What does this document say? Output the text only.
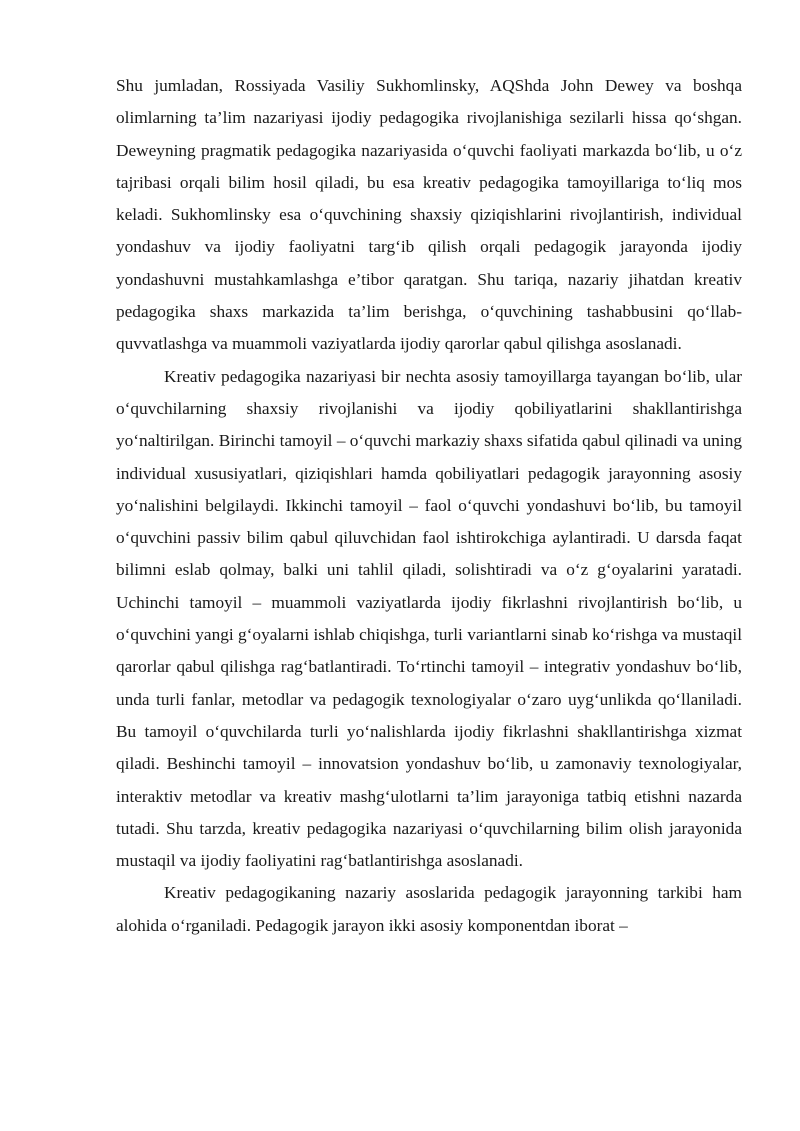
Shu jumladan, Rossiyada Vasiliy Sukhomlinsky, AQShda John Dewey va boshqa olimlarning ta’lim nazariyasi ijodiy pedagogika rivojlanishiga sezilarli hissa qo‘shgan. Deweyning pragmatik pedagogika nazariyasida o‘quvchi faoliyati markazda bo‘lib, u o‘z tajribasi orqali bilim hosil qiladi, bu esa kreativ pedagogika tamoyillariga to‘liq mos keladi. Sukhomlinsky esa o‘quvchining shaxsiy qiziqishlarini rivojlantirish, individual yondashuv va ijodiy faoliyatni targ‘ib qilish orqali pedagogik jarayonda ijodiy yondashuvni mustahkamlashga e’tibor qaratgan. Shu tariqa, nazariy jihatdan kreativ pedagogika shaxs markazida ta’lim berishga, o‘quvchining tashabbusini qo‘llab-quvvatlashga va muammoli vaziyatlarda ijodiy qarorlar qabul qilishga asoslanadi.

Kreativ pedagogika nazariyasi bir nechta asosiy tamoyillarga tayangan bo‘lib, ular o‘quvchilarning shaxsiy rivojlanishi va ijodiy qobiliyatlarini shakllantirishga yo‘naltirilgan. Birinchi tamoyil – o‘quvchi markaziy shaxs sifatida qabul qilinadi va uning individual xususiyatlari, qiziqishlari hamda qobiliyatlari pedagogik jarayonning asosiy yo‘nalishini belgilaydi. Ikkinchi tamoyil – faol o‘quvchi yondashuvi bo‘lib, bu tamoyil o‘quvchini passiv bilim qabul qiluvchidan faol ishtirokchiga aylantiradi. U darsda faqat bilimni eslab qolmay, balki uni tahlil qiladi, solishtiradi va o‘z g‘oyalarini yaratadi. Uchinchi tamoyil – muammoli vaziyatlarda ijodiy fikrlashni rivojlantirish bo‘lib, u o‘quvchini yangi g‘oyalarni ishlab chiqishga, turli variantlarni sinab ko‘rishga va mustaqil qarorlar qabul qilishga rag‘batlantiradi. To‘rtinchi tamoyil – integrativ yondashuv bo‘lib, unda turli fanlar, metodlar va pedagogik texnologiyalar o‘zaro uyg‘unlikda qo‘llaniladi. Bu tamoyil o‘quvchilarda turli yo‘nalishlarda ijodiy fikrlashni shakllantirishga xizmat qiladi. Beshinchi tamoyil – innovatsion yondashuv bo‘lib, u zamonaviy texnologiyalar, interaktiv metodlar va kreativ mashg‘ulotlarni ta’lim jarayoniga tatbiq etishni nazarda tutadi. Shu tarzda, kreativ pedagogika nazariyasi o‘quvchilarning bilim olish jarayonida mustaqil va ijodiy faoliyatini rag‘batlantirishga asoslanadi.

Kreativ pedagogikaning nazariy asoslarida pedagogik jarayonning tarkibi ham alohida o‘rganiladi. Pedagogik jarayon ikki asosiy komponentdan iborat –
